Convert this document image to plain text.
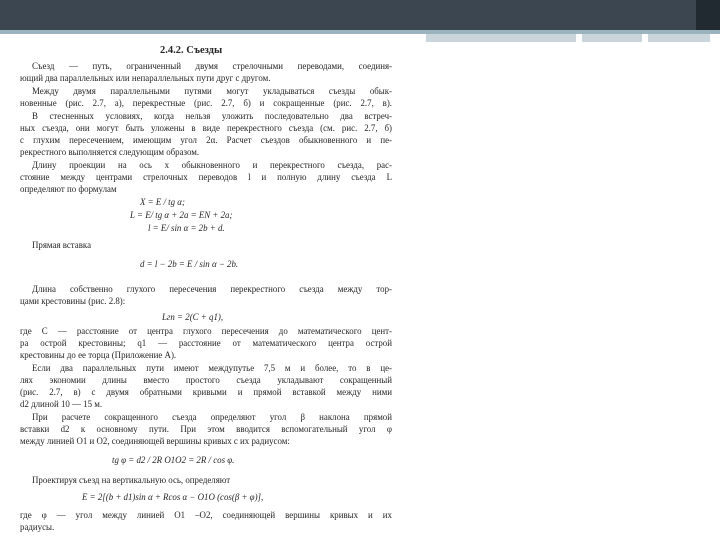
2.4.2. Съезды
Съезд — путь, ограниченный двумя стрелочными переводами, соединя-
ющий два параллельных или непараллельных пути друг с другом.
Между двумя параллельными путями могут укладываться съезды обык-
новенные (рис. 2.7, а), перекрестные (рис. 2.7, б) и сокращенные (рис. 2.7, в).
В стесненных условиях, когда нельзя уложить последовательно два встреч-
ных съезда, они могут быть уложены в виде перекрестного съезда (см. рис. 2.7, б)
с глухим пересечением, имеющим угол 2α. Расчет съездов обыкновенного и пе-
рекрестного выполняется следующим образом.
Длину проекции на ось x обыкновенного и перекрестного съезда, рас-
стояние между центрами стрелочных переводов l и полную длину съезда L
определяют по формулам
X = E / tg α;
L = E/ tg α + 2a = EN + 2a;
l = E/ sin α = 2b + d.
Прямая вставка
d = l − 2b = E / sin α − 2b.
Длина собственно глухого пересечения перекрестного съезда между тор-
цами крестовины (рис. 2.8):
Lгп = 2(C + q1),
где C — расстояние от центра глухого пересечения до математического цент-
ра острой крестовины; q1 — расстояние от математического центра острой
крестовины до ее торца (Приложение А).
Если два параллельных пути имеют междупутье 7,5 м и более, то в це-
лях экономии длины вместо простого съезда укладывают сокращенный
(рис. 2.7, в) с двумя обратными кривыми и прямой вставкой между ними
d2 длиной 10 — 15 м.
При расчете сокращенного съезда определяют угол β наклона прямой
вставки d2 к основному пути. При этом вводится вспомогательный угол φ
между линией O1 и O2, соединяющей вершины кривых с их радиусом:
tg φ = d2 / 2R O1O2 = 2R / cos φ.
Проектируя съезд на вертикальную ось, определяют
E = 2[(b + d1)sin α + Rcos α − O1O (cos(β + φ)],
где φ — угол между линией O1 –O2, соединяющей вершины кривых и их
радиусы.
